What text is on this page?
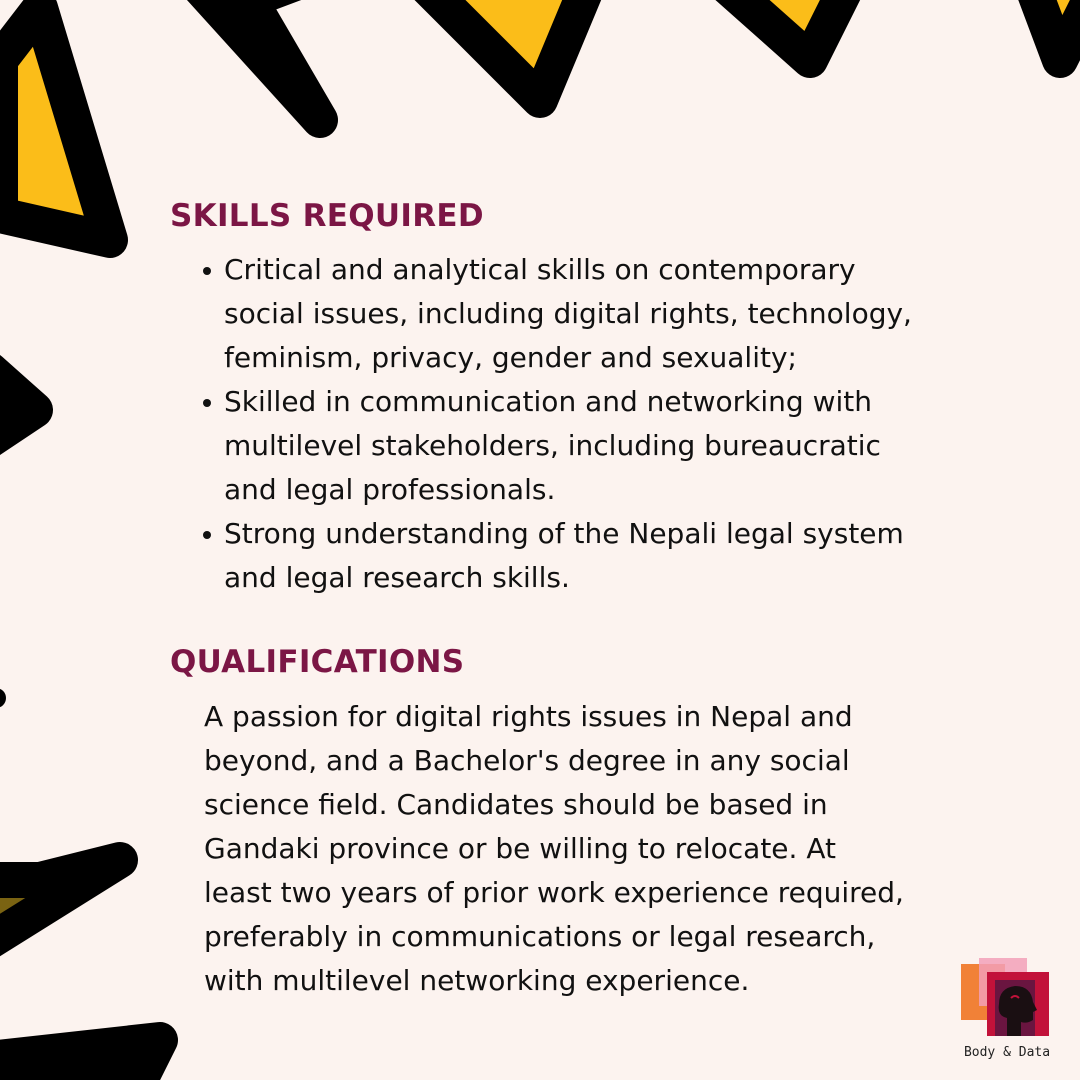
SKILLS REQUIRED
Critical and analytical skills on contemporary
social issues, including digital rights, technology,
feminism, privacy, gender and sexuality;
Skilled in communication and networking with
multilevel stakeholders, including bureaucratic
and legal professionals.
Strong understanding of the Nepali legal system
and legal research skills.
QUALIFICATIONS

A passion for digital rights issues in Nepal and
beyond, and a Bachelor's degree in any social
science field. Candidates should be based in
Gandaki province or be willing to relocate. At
least two years of prior work experience required,
preferably in communications or legal research,
with multilevel networking experience.

Body & Data
